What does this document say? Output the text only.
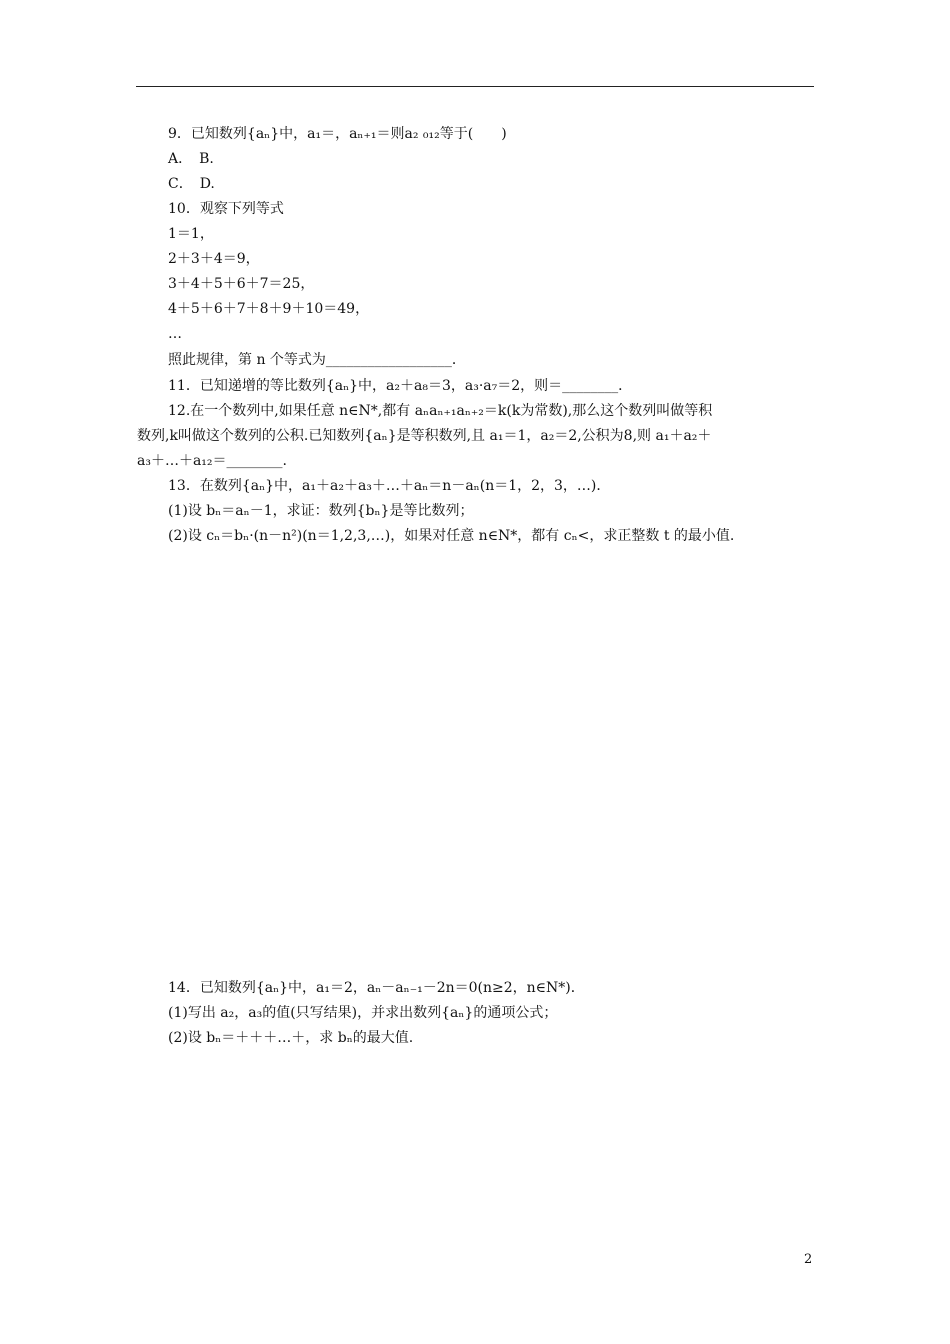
9．已知数列{aₙ}中，a₁＝，aₙ₊₁＝则a₂ ₀₁₂等于(　　)
A．　B.
C．　D.
10．观察下列等式
1＝1，
2＋3＋4＝9，
3＋4＋5＋6＋7＝25，
4＋5＋6＋7＋8＋9＋10＝49，
…
照此规律，第 n 个等式为__________________．
11．已知递增的等比数列{aₙ}中，a₂＋a₈＝3，a₃·a₇＝2，则＝________．
12.在一个数列中,如果任意 n∈N*,都有 aₙaₙ₊₁aₙ₊₂＝k(k为常数),那么这个数列叫做等积
数列,k叫做这个数列的公积.已知数列{aₙ}是等积数列,且 a₁＝1，a₂＝2,公积为8,则 a₁＋a₂＋
a₃＋…＋a₁₂＝________.
13．在数列{aₙ}中，a₁＋a₂＋a₃＋…＋aₙ＝n－aₙ(n＝1，2，3，…)．
(1)设 bₙ＝aₙ－1，求证：数列{bₙ}是等比数列；
(2)设 cₙ＝bₙ·(n－n²)(n＝1,2,3,…)，如果对任意 n∈N*，都有 cₙ<，求正整数 t 的最小值.
14．已知数列{aₙ}中，a₁＝2，aₙ－aₙ₋₁－2n＝0(n≥2，n∈N*)．
(1)写出 a₂，a₃的值(只写结果)，并求出数列{aₙ}的通项公式；
(2)设 bₙ＝＋＋＋…＋，求 bₙ的最大值.
2
